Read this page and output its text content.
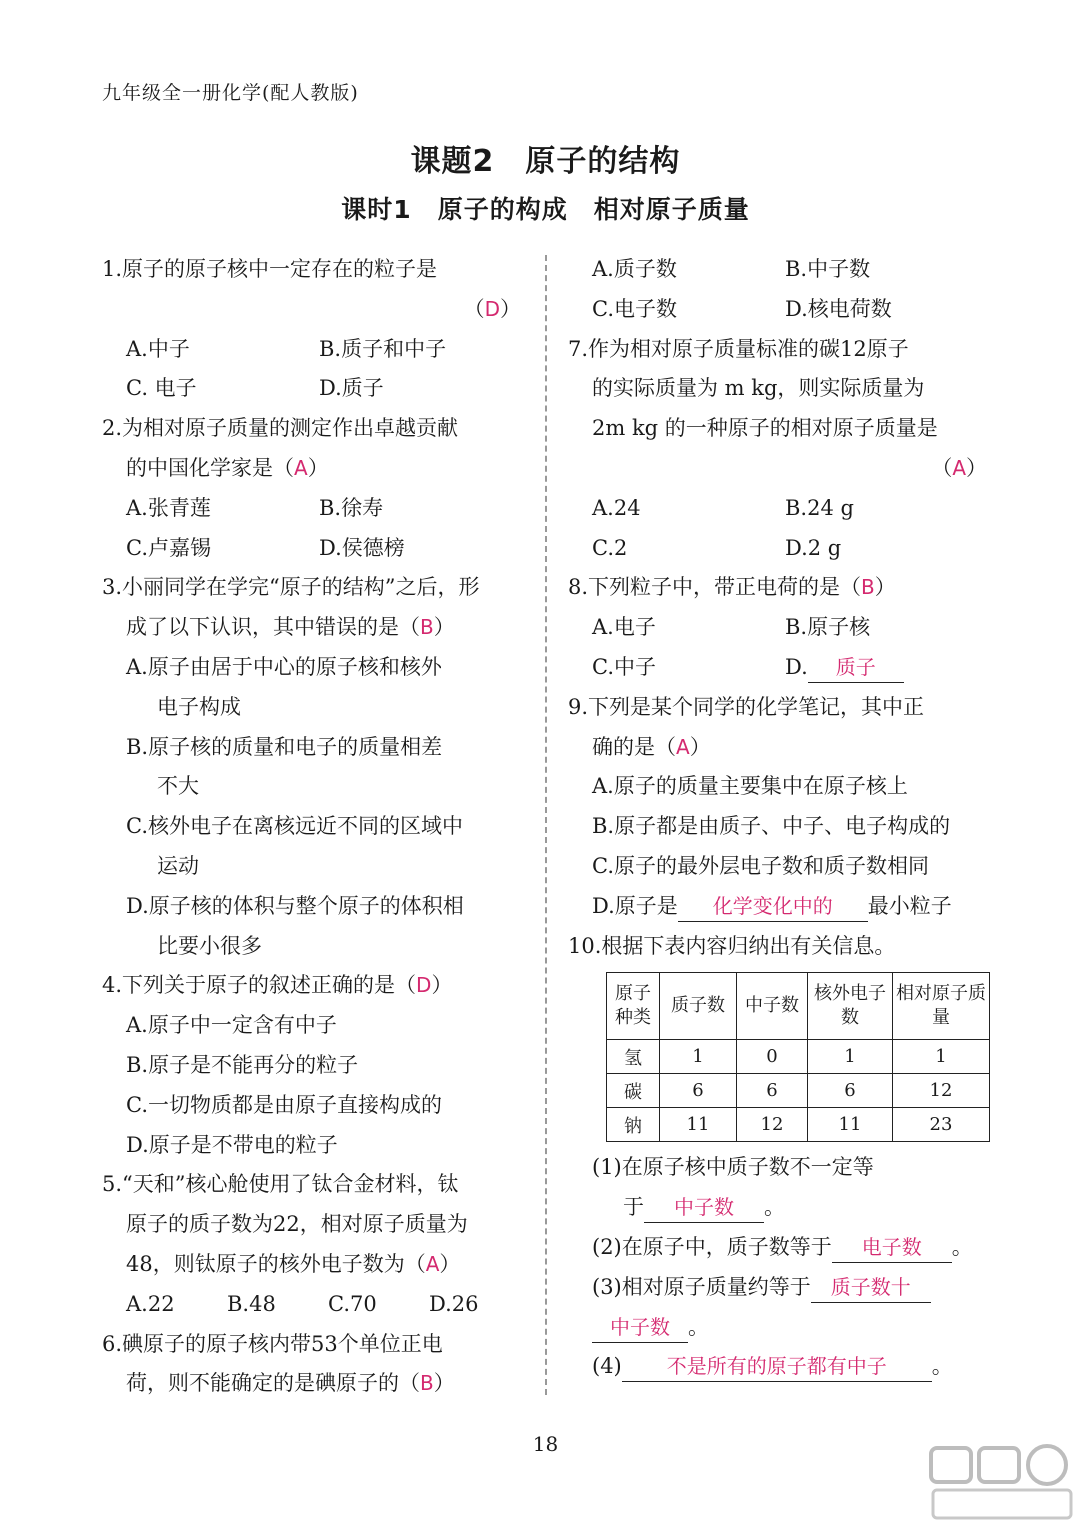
九年级全一册化学(配人教版)
课题2　原子的结构
课时1　原子的构成　相对原子质量
1.原子的原子核中一定存在的粒子是
（D）
A.中子	B.质子和中子
C. 电子	D.质子
2.为相对原子质量的测定作出卓越贡献
的中国化学家是（A）
A.张青莲	B.徐寿
C.卢嘉锡	D.侯德榜
3.小丽同学在学完“原子的结构”之后，形
成了以下认识，其中错误的是（B）
A.原子由居于中心的原子核和核外
电子构成
B.原子核的质量和电子的质量相差
不大
C.核外电子在离核远近不同的区域中
运动
D.原子核的体积与整个原子的体积相
比要小很多
4.下列关于原子的叙述正确的是（D）
A.原子中一定含有中子
B.原子是不能再分的粒子
C.一切物质都是由原子直接构成的
D.原子是不带电的粒子
5.“天和”核心舱使用了钛合金材料，钛
原子的质子数为22，相对原子质量为
48，则钛原子的核外电子数为（A）
A.22	B.48	C.70	D.26
6.碘原子的原子核内带53个单位正电
荷，则不能确定的是碘原子的（B）
A.质子数	B.中子数
C.电子数	D.核电荷数
7.作为相对原子质量标准的碳12原子
的实际质量为 m kg，则实际质量为
2m kg 的一种原子的相对原子质量是
（A）
A.24	B.24 g
C.2	D.2 g
8.下列粒子中，带正电荷的是（B）
A.电子	B.原子核
C.中子	D. 质子
9.下列是某个同学的化学笔记，其中正
确的是（A）
A.原子的质量主要集中在原子核上
B.原子都是由质子、中子、电子构成的
C.原子的最外层电子数和质子数相同
D.原子是 化学变化中的 最小粒子
10.根据下表内容归纳出有关信息。
原子种类	质子数	中子数	核外电子数	相对原子质量
氢	1	0	1	1
碳	6	6	6	12
钠	11	12	11	23
(1)在原子核中质子数不一定等
于 中子数 。
(2)在原子中，质子数等于 电子数 。
(3)相对原子质量约等于 质子数十
中子数 。
(4) 不是所有的原子都有中子 。
18
